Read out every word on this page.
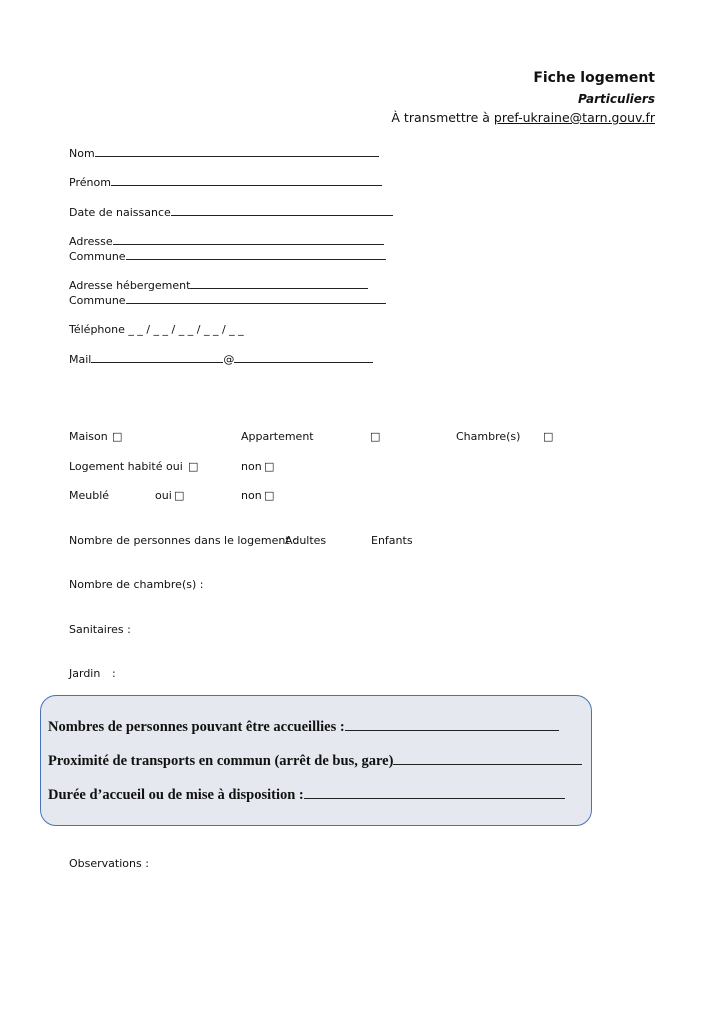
Fiche logement
Particuliers
À transmettre à pref-ukraine@tarn.gouv.fr
Nom
Prénom
Date de naissance
Adresse
Commune
Adresse hébergement
Commune
Téléphone _ _ / _ _ / _ _ / _ _ / _ _
Mail	@
Maison □	Appartement	□	Chambre(s) □
Logement habité oui □	non □
Meublé	oui □	non □
Nombre de personnes dans le logement :
Adultes	Enfants
Nombre de chambre(s) :
Sanitaires :
Jardin :
Nombres de personnes pouvant être accueillies :
Proximité de transports en commun (arrêt de bus, gare)
Durée d’accueil ou de mise à disposition :
Observations :
